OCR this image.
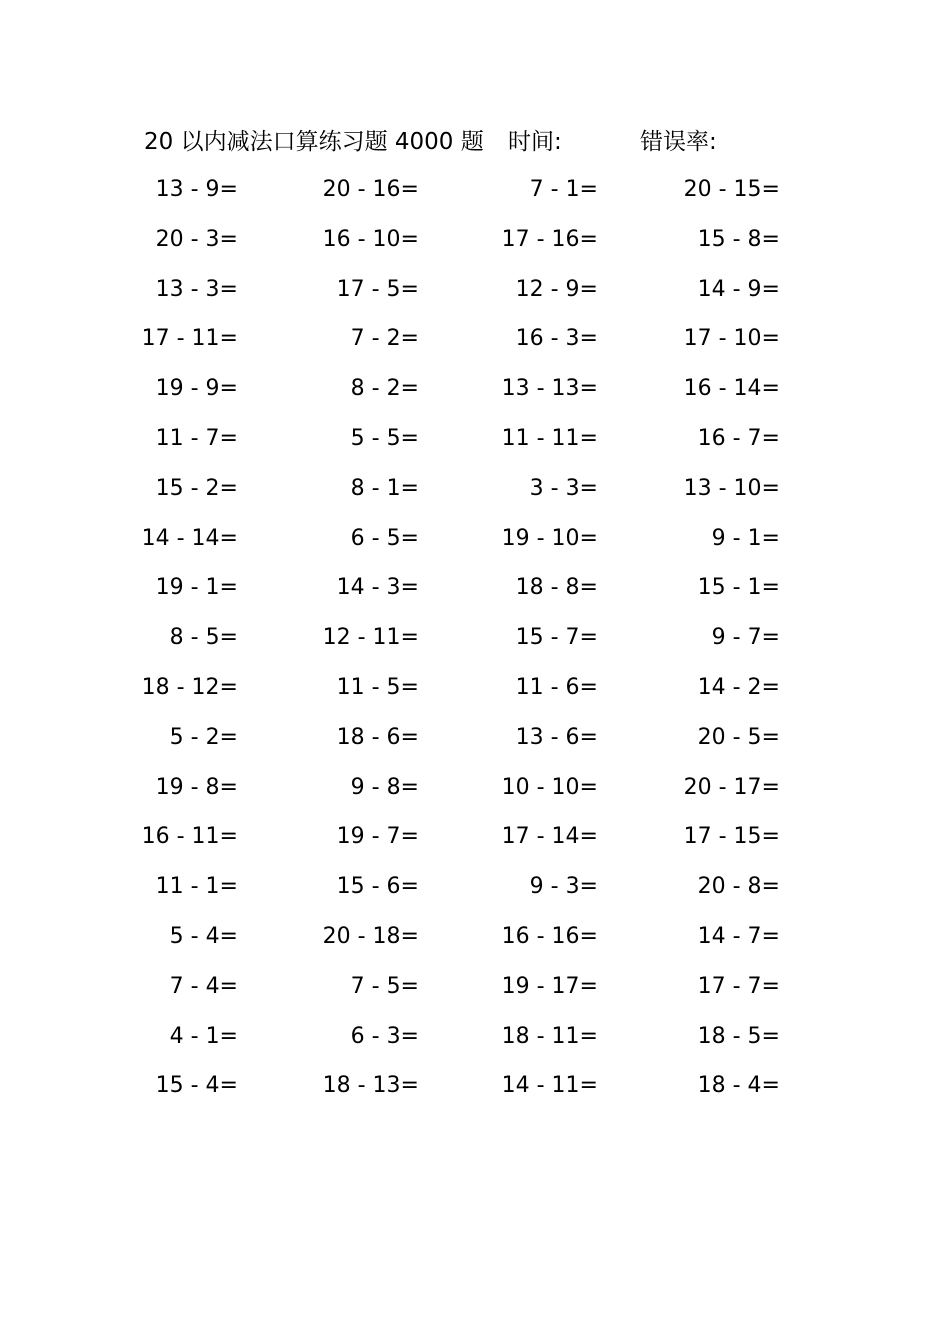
20 以内减法口算练习题 4000 题 时间:	错误率:
13 - 9=	20 - 16=	7 - 1=	20 - 15=
20 - 3=	16 - 10=	17 - 16=	15 - 8=
13 - 3=	17 - 5=	12 - 9=	14 - 9=
17 - 11=	7 - 2=	16 - 3=	17 - 10=
19 - 9=	8 - 2=	13 - 13=	16 - 14=
11 - 7=	5 - 5=	11 - 11=	16 - 7=
15 - 2=	8 - 1=	3 - 3=	13 - 10=
14 - 14=	6 - 5=	19 - 10=	9 - 1=
19 - 1=	14 - 3=	18 - 8=	15 - 1=
8 - 5=	12 - 11=	15 - 7=	9 - 7=
18 - 12=	11 - 5=	11 - 6=	14 - 2=
5 - 2=	18 - 6=	13 - 6=	20 - 5=
19 - 8=	9 - 8=	10 - 10=	20 - 17=
16 - 11=	19 - 7=	17 - 14=	17 - 15=
11 - 1=	15 - 6=	9 - 3=	20 - 8=
5 - 4=	20 - 18=	16 - 16=	14 - 7=
7 - 4=	7 - 5=	19 - 17=	17 - 7=
4 - 1=	6 - 3=	18 - 11=	18 - 5=
15 - 4=	18 - 13=	14 - 11=	18 - 4=
